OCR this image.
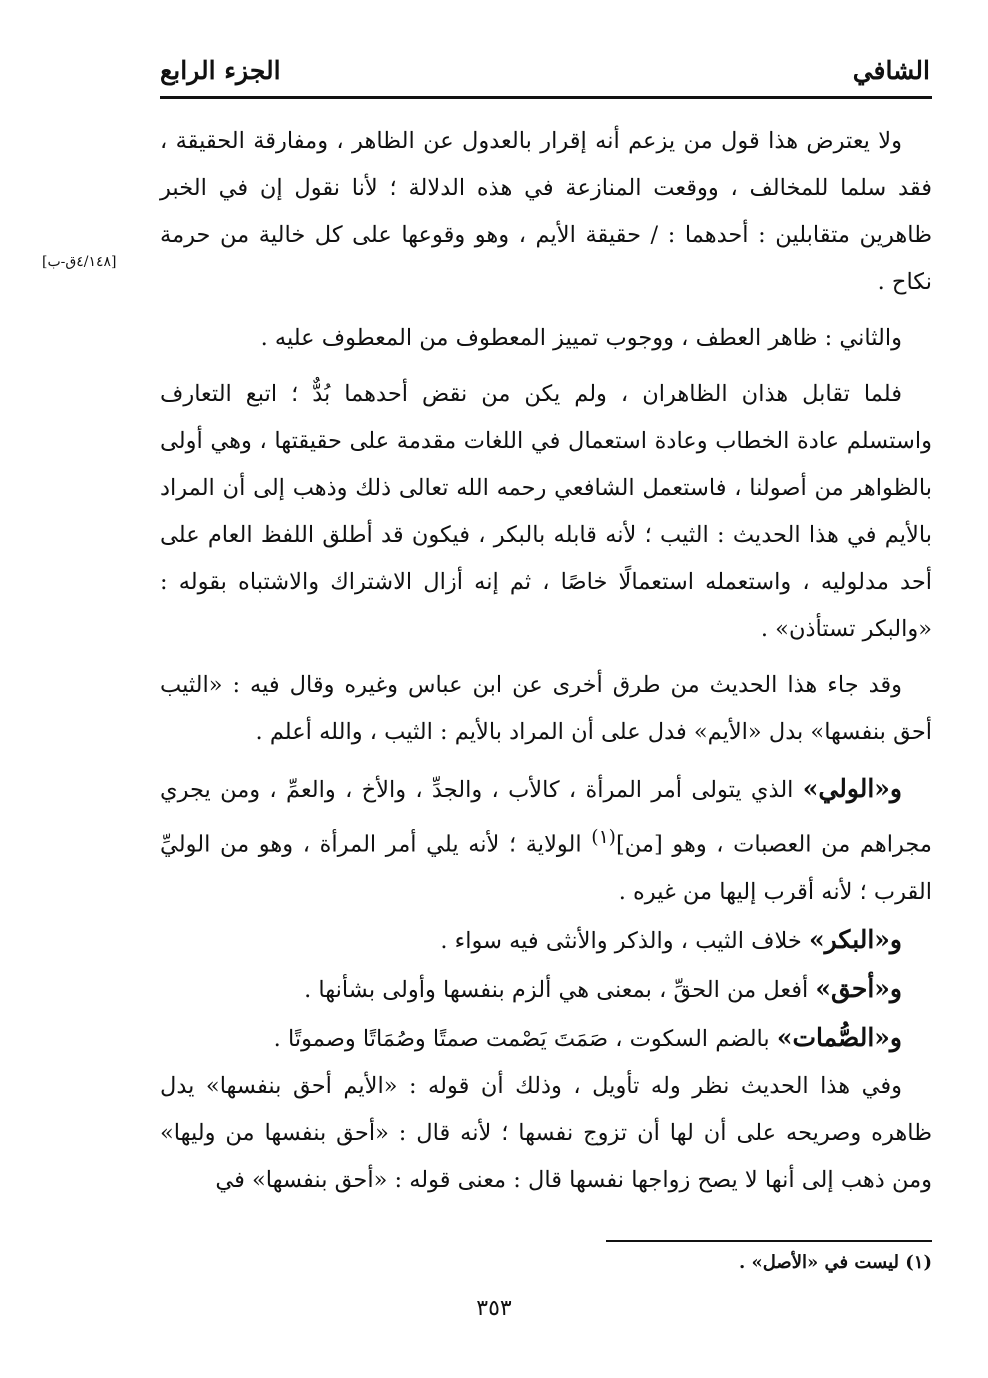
الشافي
الجزء الرابع
[٤/١٤٨ق-ب]

ولا يعترض هذا قول من يزعم أنه إقرار بالعدول عن الظاهر ، ومفارقة الحقيقة ، فقد سلما للمخالف ، ووقعت المنازعة في هذه الدلالة ؛ لأنا نقول إن في الخبر ظاهرين متقابلين : أحدهما : / حقيقة الأيم ، وهو وقوعها على كل خالية من حرمة نكاح .

والثاني : ظاهر العطف ، ووجوب تمييز المعطوف من المعطوف عليه .

فلما تقابل هذان الظاهران ، ولم يكن من نقض أحدهما بُدٌّ ؛ اتبع التعارف واستسلم عادة الخطاب وعادة استعمال في اللغات مقدمة على حقيقتها ، وهي أولى بالظواهر من أصولنا ، فاستعمل الشافعي رحمه الله تعالى ذلك وذهب إلى أن المراد بالأيم في هذا الحديث : الثيب ؛ لأنه قابله بالبكر ، فيكون قد أطلق اللفظ العام على أحد مدلوليه ، واستعمله استعمالًا خاصًا ، ثم إنه أزال الاشتراك والاشتباه بقوله : «والبكر تستأذن» .

وقد جاء هذا الحديث من طرق أخرى عن ابن عباس وغيره وقال فيه : «الثيب أحق بنفسها» بدل «الأيم» فدل على أن المراد بالأيم : الثيب ، والله أعلم .

و«الولي» الذي يتولى أمر المرأة ، كالأب ، والجدِّ ، والأخ ، والعمِّ ، ومن يجري مجراهم من العصبات ، وهو [من]$^{(١)}$ الولاية ؛ لأنه يلي أمر المرأة ، وهو من الوليِّ القرب ؛ لأنه أقرب إليها من غيره .

و«البكر» خلاف الثيب ، والذكر والأنثى فيه سواء .

و«أحق» أفعل من الحقِّ ، بمعنى هي ألزم بنفسها وأولى بشأنها .

و«الصُّمات» بالضم السكوت ، صَمَتَ يَصْمت صمتًا وصُمَاتًا وصموتًا .

وفي هذا الحديث نظر وله تأويل ، وذلك أن قوله : «الأيم أحق بنفسها» يدل ظاهره وصريحه على أن لها أن تزوج نفسها ؛ لأنه قال : «أحق بنفسها من وليها» ومن ذهب إلى أنها لا يصح زواجها نفسها قال : معنى قوله : «أحق بنفسها» في

(١) ليست في «الأصل» .
٣٥٣
